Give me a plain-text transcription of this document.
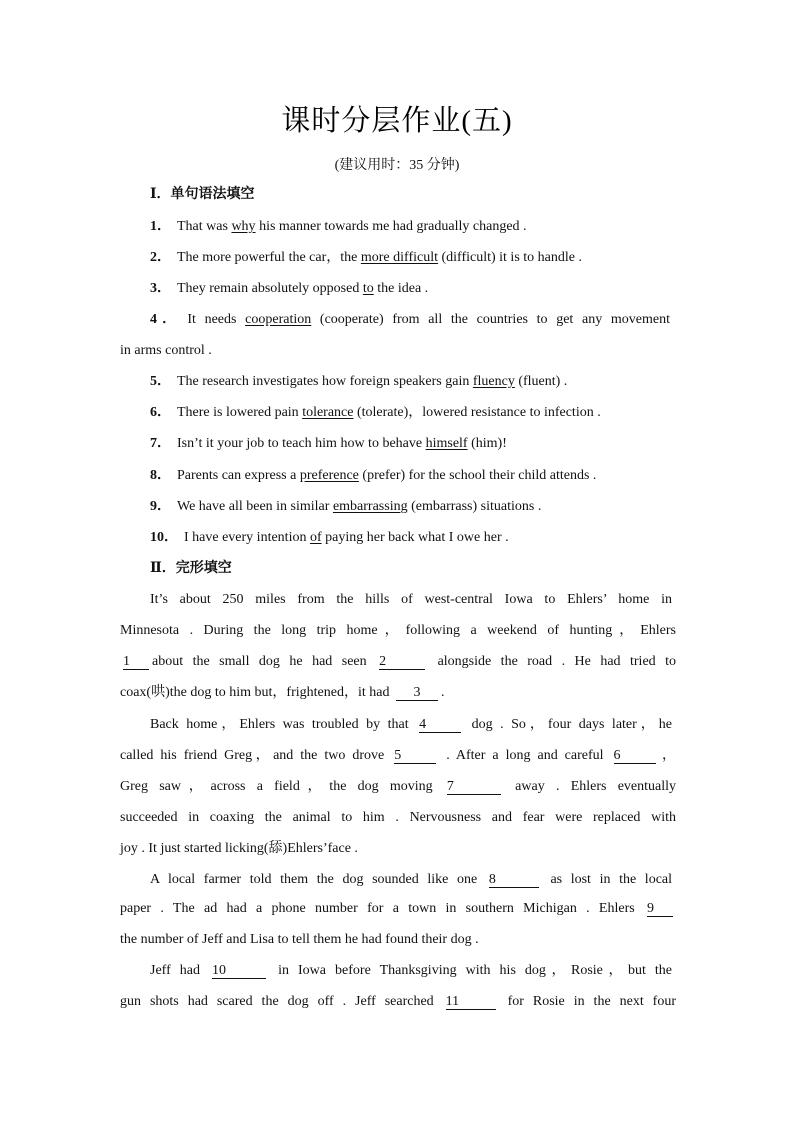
课时分层作业(五)
(建议用时：35 分钟)
Ⅰ．单句语法填空
1． That was why his manner towards me had gradually changed .
2． The more powerful the car，the more difficult (difficult) it is to handle .
3． They remain absolutely opposed to the idea .
4． It needs cooperation (cooperate) from all the countries to get any movement
in arms control .
5． The research investigates how foreign speakers gain fluency (fluent) .
6． There is lowered pain tolerance (tolerate)，lowered resistance to infection .
7． Isn’t it your job to teach him how to behave himself (him)!
8． Parents can express a preference (prefer) for the school their child attends .
9． We have all been in similar embarrassing (embarrass) situations .
10． I have every intention of paying her back what I owe her .
Ⅱ．完形填空
It’s about 250 miles from the hills of west-central Iowa to Ehlers’ home in
Minnesota . During the long trip home，following a weekend of hunting，Ehlers
1 about the small dog he had seen 2	alongside the road . He had tried to
coax(哄)the dog to him but，frightened，it had 3 .
Back home，Ehlers was troubled by that 4	dog . So，four days later，he
called his friend Greg，and the two drove 5	. After a long and careful 6	，
Greg saw，across a field，the dog moving 7	away . Ehlers eventually
succeeded in coaxing the animal to him . Nervousness and fear were replaced with
joy . It just started licking(舔)Ehlers’face .
A local farmer told them the dog sounded like one 8	as lost in the local
paper . The ad had a phone number for a town in southern Michigan . Ehlers 9
the number of Jeff and Lisa to tell them he had found their dog .
Jeff had 10	in Iowa before Thanksgiving with his dog，Rosie，but the
gun shots had scared the dog off . Jeff searched 11	for Rosie in the next four
